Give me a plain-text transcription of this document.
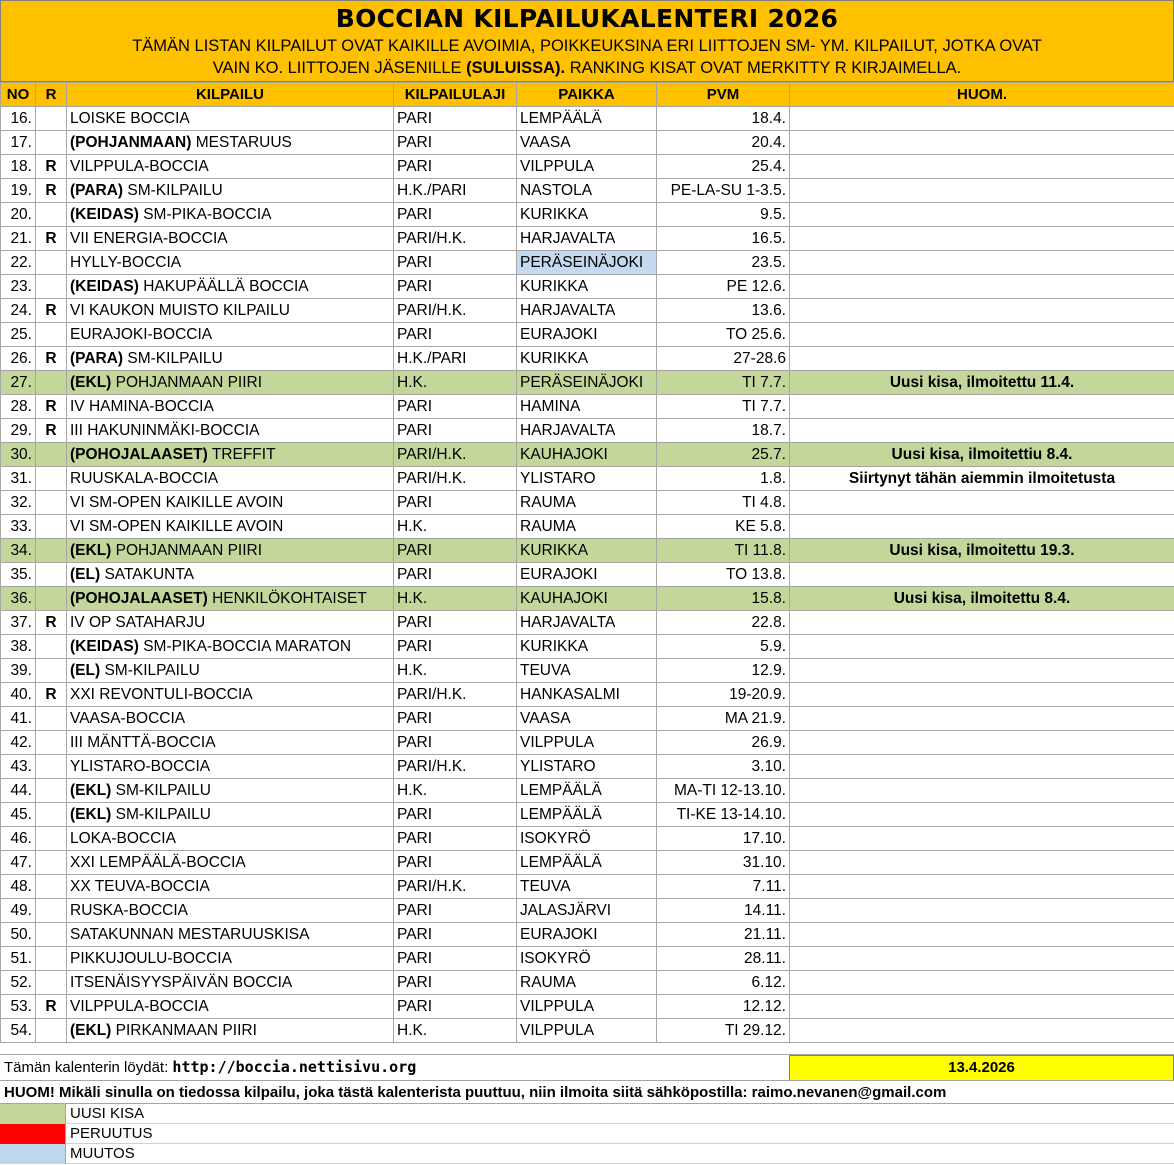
BOCCIAN KILPAILUKALENTERI 2026
TÄMÄN LISTAN KILPAILUT OVAT KAIKILLE AVOIMIA, POIKKEUKSINA ERI LIITTOJEN SM- YM. KILPAILUT, JOTKA OVAT
VAIN KO. LIITTOJEN JÄSENILLE (SULUISSA). RANKING KISAT OVAT MERKITTY R KIRJAIMELLA.
NO	R	KILPAILU	KILPAILULAJI	PAIKKA	PVM	HUOM.
16.		LOISKE BOCCIA	PARI	LEMPÄÄLÄ	18.4.	
17.		(POHJANMAAN) MESTARUUS	PARI	VAASA	20.4.	
18.	R	VILPPULA-BOCCIA	PARI	VILPPULA	25.4.	
19.	R	(PARA) SM-KILPAILU	H.K./PARI	NASTOLA	PE-LA-SU 1-3.5.	
20.		(KEIDAS) SM-PIKA-BOCCIA	PARI	KURIKKA	9.5.	
21.	R	VII ENERGIA-BOCCIA	PARI/H.K.	HARJAVALTA	16.5.	
22.		HYLLY-BOCCIA	PARI	PERÄSEINÄJOKI	23.5.	
23.		(KEIDAS) HAKUPÄÄLLÄ BOCCIA	PARI	KURIKKA	PE 12.6.	
24.	R	VI KAUKON MUISTO KILPAILU	PARI/H.K.	HARJAVALTA	13.6.	
25.		EURAJOKI-BOCCIA	PARI	EURAJOKI	TO 25.6.	
26.	R	(PARA) SM-KILPAILU	H.K./PARI	KURIKKA	27-28.6	
27.		(EKL) POHJANMAAN PIIRI	H.K.	PERÄSEINÄJOKI	TI 7.7.	Uusi kisa, ilmoitettu 11.4.
28.	R	IV HAMINA-BOCCIA	PARI	HAMINA	TI 7.7.	
29.	R	III HAKUNINMÄKI-BOCCIA	PARI	HARJAVALTA	18.7.	
30.		(POHOJALAASET) TREFFIT	PARI/H.K.	KAUHAJOKI	25.7.	Uusi kisa, ilmoitettiu 8.4.
31.		RUUSKALA-BOCCIA	PARI/H.K.	YLISTARO	1.8.	Siirtynyt tähän aiemmin ilmoitetusta
32.		VI SM-OPEN KAIKILLE AVOIN	PARI	RAUMA	TI 4.8.	
33.		VI SM-OPEN KAIKILLE AVOIN	H.K.	RAUMA	KE 5.8.	
34.		(EKL) POHJANMAAN PIIRI	PARI	KURIKKA	TI 11.8.	Uusi kisa, ilmoitettu 19.3.
35.		(EL) SATAKUNTA	PARI	EURAJOKI	TO 13.8.	
36.		(POHOJALAASET) HENKILÖKOHTAISET	H.K.	KAUHAJOKI	15.8.	Uusi kisa, ilmoitettu 8.4.
37.	R	IV OP SATAHARJU	PARI	HARJAVALTA	22.8.	
38.		(KEIDAS) SM-PIKA-BOCCIA MARATON	PARI	KURIKKA	5.9.	
39.		(EL) SM-KILPAILU	H.K.	TEUVA	12.9.	
40.	R	XXI REVONTULI-BOCCIA	PARI/H.K.	HANKASALMI	19-20.9.	
41.		VAASA-BOCCIA	PARI	VAASA	MA 21.9.	
42.		III MÄNTTÄ-BOCCIA	PARI	VILPPULA	26.9.	
43.		YLISTARO-BOCCIA	PARI/H.K.	YLISTARO	3.10.	
44.		(EKL) SM-KILPAILU	H.K.	LEMPÄÄLÄ	MA-TI 12-13.10.	
45.		(EKL) SM-KILPAILU	PARI	LEMPÄÄLÄ	TI-KE 13-14.10.	
46.		LOKA-BOCCIA	PARI	ISOKYRÖ	17.10.	
47.		XXI LEMPÄÄLÄ-BOCCIA	PARI	LEMPÄÄLÄ	31.10.	
48.		XX TEUVA-BOCCIA	PARI/H.K.	TEUVA	7.11.	
49.		RUSKA-BOCCIA	PARI	JALASJÄRVI	14.11.	
50.		SATAKUNNAN MESTARUUSKISA	PARI	EURAJOKI	21.11.	
51.		PIKKUJOULU-BOCCIA	PARI	ISOKYRÖ	28.11.	
52.		ITSENÄISYYSPÄIVÄN BOCCIA	PARI	RAUMA	6.12.	
53.	R	VILPPULA-BOCCIA	PARI	VILPPULA	12.12.	
54.		(EKL) PIRKANMAAN PIIRI	H.K.	VILPPULA	TI 29.12.	
Tämän kalenterin löydät: http://boccia.nettisivu.org	13.4.2026
HUOM! Mikäli sinulla on tiedossa kilpailu, joka tästä kalenterista puuttuu, niin ilmoita siitä sähköpostilla: raimo.nevanen@gmail.com
UUSI KISA
PERUUTUS
MUUTOS
